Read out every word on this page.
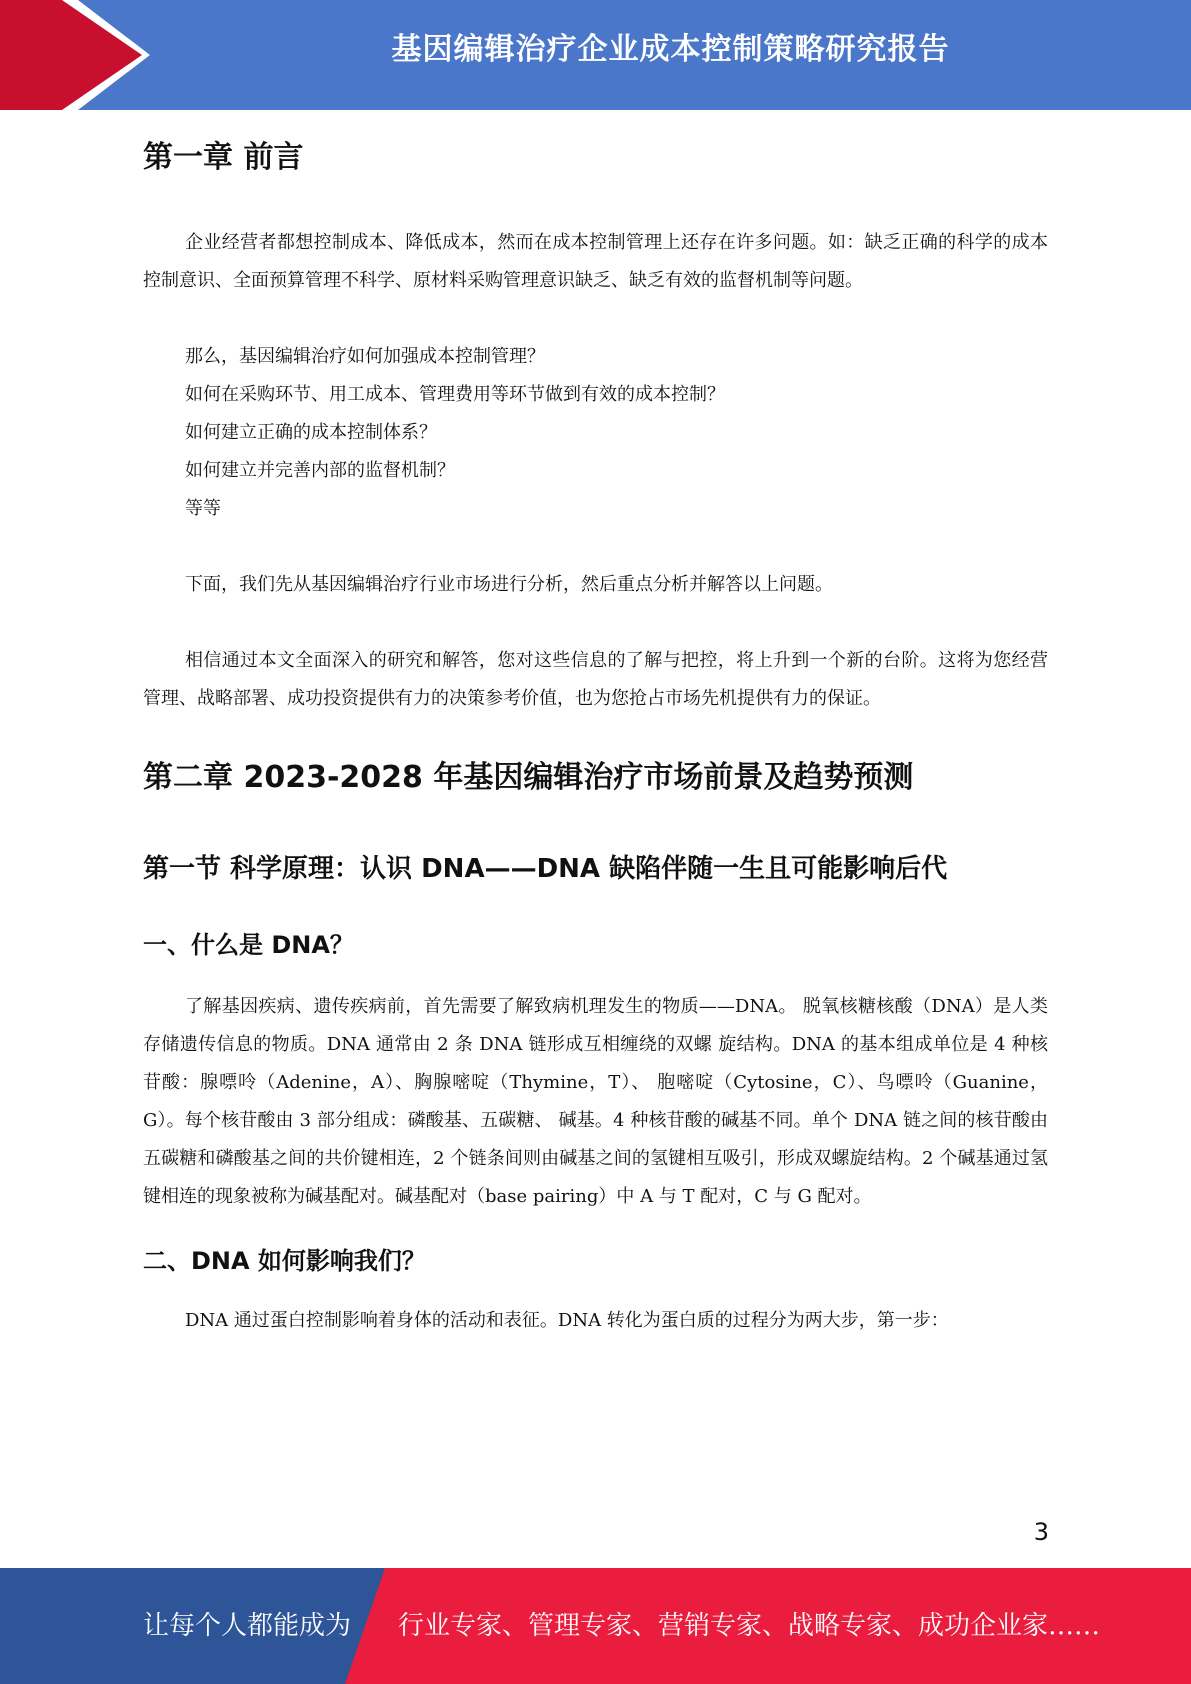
基因编辑治疗企业成本控制策略研究报告
第一章 前言

企业经营者都想控制成本、降低成本，然而在成本控制管理上还存在许多问题。如：缺乏正确的科学的成本控制意识、全面预算管理不科学、原材料采购管理意识缺乏、缺乏有效的监督机制等问题。

那么，基因编辑治疗如何加强成本控制管理？

如何在采购环节、用工成本、管理费用等环节做到有效的成本控制？

如何建立正确的成本控制体系？

如何建立并完善内部的监督机制？

等等

下面，我们先从基因编辑治疗行业市场进行分析，然后重点分析并解答以上问题。

相信通过本文全面深入的研究和解答，您对这些信息的了解与把控，将上升到一个新的台阶。这将为您经营管理、战略部署、成功投资提供有力的决策参考价值，也为您抢占市场先机提供有力的保证。

第二章 2023-2028 年基因编辑治疗市场前景及趋势预测
第一节 科学原理：认识 DNA——DNA 缺陷伴随一生且可能影响后代
一、什么是 DNA？

了解基因疾病、遗传疾病前，首先需要了解致病机理发生的物质——DNA。 脱氧核糖核酸（DNA）是人类存储遗传信息的物质。DNA 通常由 2 条 DNA 链形成互相缠绕的双螺 旋结构。DNA 的基本组成单位是 4 种核苷酸：腺嘌呤（Adenine，A）、胸腺嘧啶（Thymine，T）、 胞嘧啶（Cytosine，C）、鸟嘌呤（Guanine，G）。每个核苷酸由 3 部分组成：磷酸基、五碳糖、 碱基。4 种核苷酸的碱基不同。单个 DNA 链之间的核苷酸由五碳糖和磷酸基之间的共价键相连，2 个链条间则由碱基之间的氢键相互吸引，形成双螺旋结构。2 个碱基通过氢键相连的现象被称为碱基配对。碱基配对（base pairing）中 A 与 T 配对，C 与 G 配对。

二、DNA 如何影响我们？

DNA 通过蛋白控制影响着身体的活动和表征。DNA 转化为蛋白质的过程分为两大步，第一步：

3
让每个人都能成为 行业专家、管理专家、营销专家、战略专家、成功企业家……
